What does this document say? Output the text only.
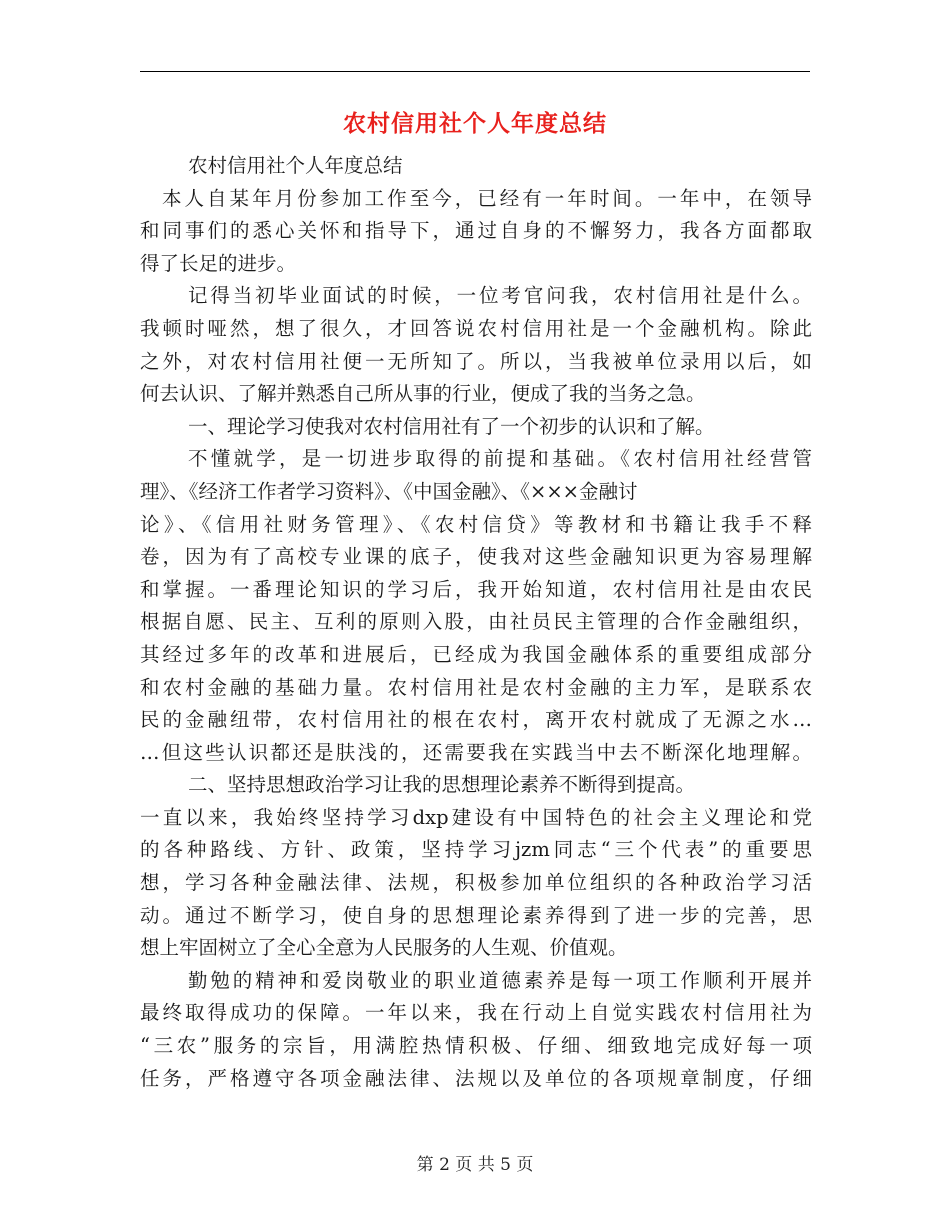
农村信用社个人年度总结
农村信用社个人年度总结
本人自某年月份参加工作至今，已经有一年时间。一年中，在领导
和同事们的悉心关怀和指导下，通过自身的不懈努力，我各方面都取
得了长足的进步。
记得当初毕业面试的时候，一位考官问我，农村信用社是什么。
我顿时哑然，想了很久，才回答说农村信用社是一个金融机构。除此
之外，对农村信用社便一无所知了。所以，当我被单位录用以后，如
何去认识、了解并熟悉自己所从事的行业，便成了我的当务之急。
一、理论学习使我对农村信用社有了一个初步的认识和了解。
不懂就学，是一切进步取得的前提和基础。《农村信用社经营管
理》、《经济工作者学习资料》、《中国金融》、《×××金融讨
论》、《信用社财务管理》、《农村信贷》等教材和书籍让我手不释
卷，因为有了高校专业课的底子，使我对这些金融知识更为容易理解
和掌握。一番理论知识的学习后，我开始知道，农村信用社是由农民
根据自愿、民主、互利的原则入股，由社员民主管理的合作金融组织，
其经过多年的改革和进展后，已经成为我国金融体系的重要组成部分
和农村金融的基础力量。农村信用社是农村金融的主力军，是联系农
民的金融纽带，农村信用社的根在农村，离开农村就成了无源之水…
…但这些认识都还是肤浅的，还需要我在实践当中去不断深化地理解。
二、坚持思想政治学习让我的思想理论素养不断得到提高。
一直以来，我始终坚持学习dxp建设有中国特色的社会主义理论和党
的各种路线、方针、政策，坚持学习jzm同志“三个代表”的重要思
想，学习各种金融法律、法规，积极参加单位组织的各种政治学习活
动。通过不断学习，使自身的思想理论素养得到了进一步的完善，思
想上牢固树立了全心全意为人民服务的人生观、价值观。
勤勉的精神和爱岗敬业的职业道德素养是每一项工作顺利开展并
最终取得成功的保障。一年以来，我在行动上自觉实践农村信用社为
“三农”服务的宗旨，用满腔热情积极、仔细、细致地完成好每一项
任务，严格遵守各项金融法律、法规以及单位的各项规章制度，仔细
第 2 页 共 5 页
